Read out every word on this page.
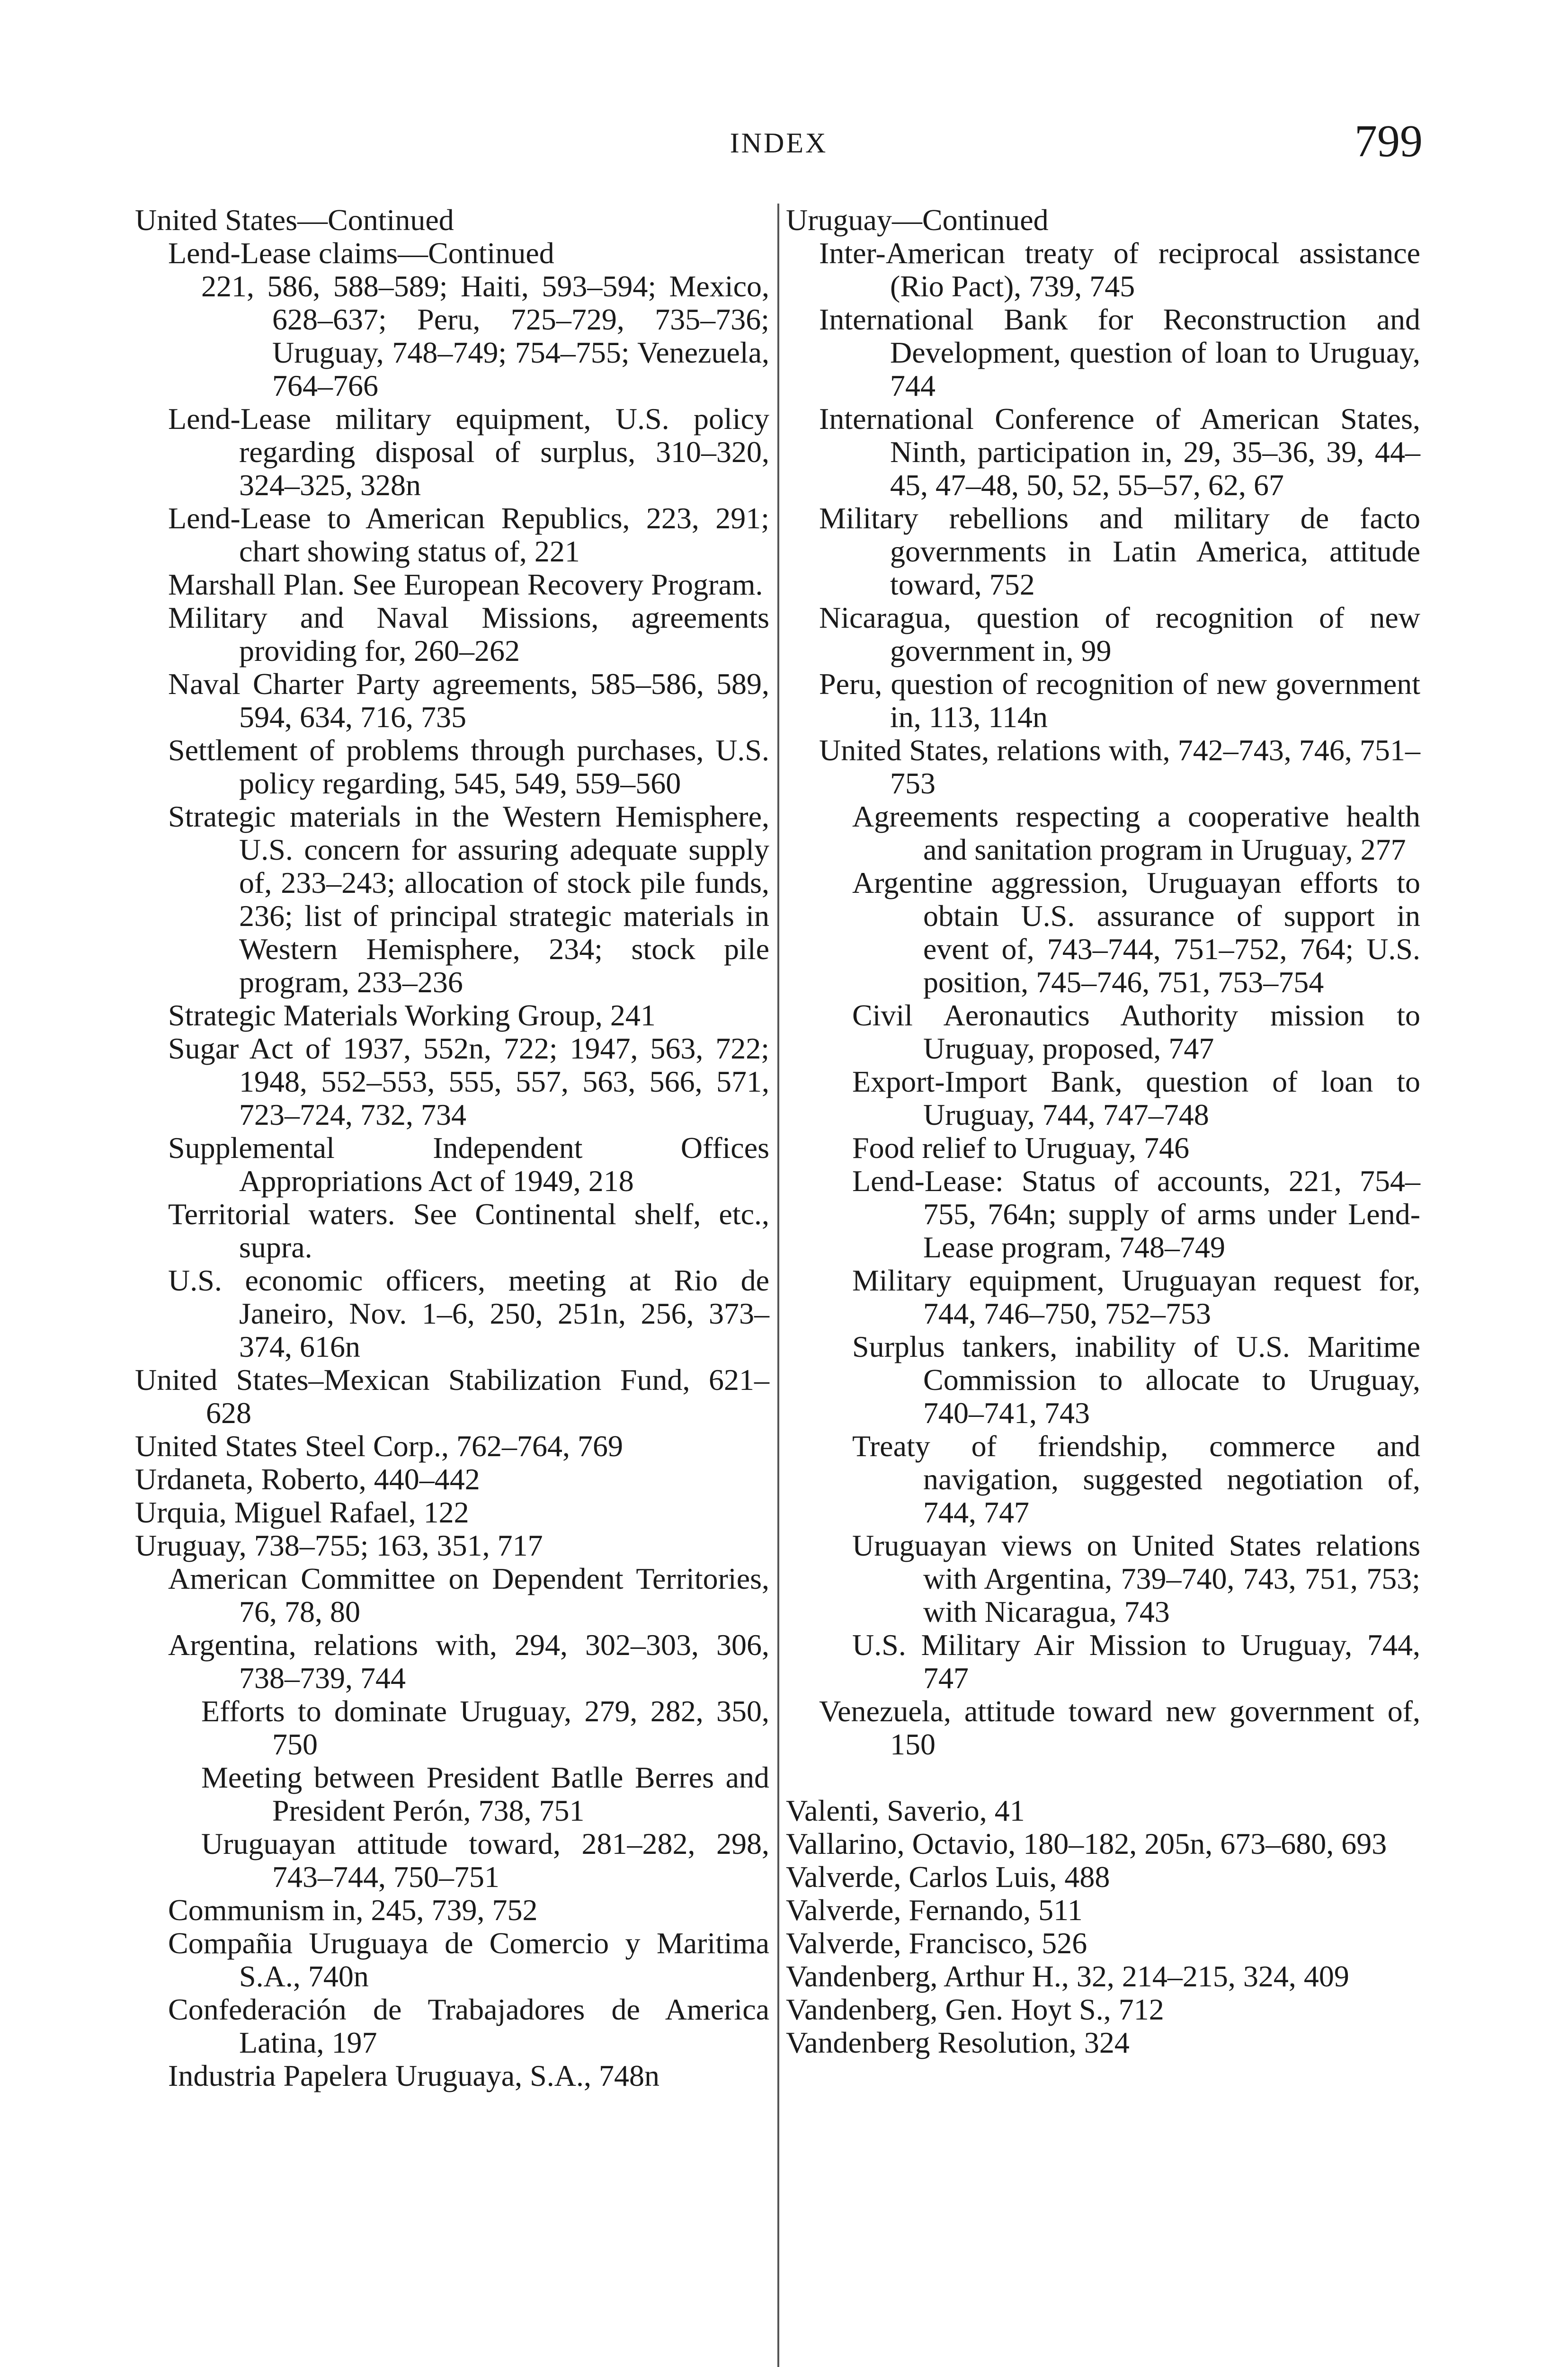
INDEX	799
United States—Continued
Lend-Lease claims—Continued
221, 586, 588–589; Haiti, 593–594; Mexico, 628–637; Peru, 725–729, 735–736; Uruguay, 748–749; 754–755; Venezuela, 764–766
Lend-Lease military equipment, U.S. policy regarding disposal of surplus, 310–320, 324–325, 328n
Lend-Lease to American Republics, 223, 291; chart showing status of, 221
Marshall Plan. See European Recovery Program.
Military and Naval Missions, agreements providing for, 260–262
Naval Charter Party agreements, 585–586, 589, 594, 634, 716, 735
Settlement of problems through purchases, U.S. policy regarding, 545, 549, 559–560
Strategic materials in the Western Hemisphere, U.S. concern for assuring adequate supply of, 233–243; allocation of stock pile funds, 236; list of principal strategic materials in Western Hemisphere, 234; stock pile program, 233–236
Strategic Materials Working Group, 241
Sugar Act of 1937, 552n, 722; 1947, 563, 722; 1948, 552–553, 555, 557, 563, 566, 571, 723–724, 732, 734
Supplemental Independent Offices Appropriations Act of 1949, 218
Territorial waters. See Continental shelf, etc., supra.
U.S. economic officers, meeting at Rio de Janeiro, Nov. 1–6, 250, 251n, 256, 373–374, 616n
United States–Mexican Stabilization Fund, 621–628
United States Steel Corp., 762–764, 769
Urdaneta, Roberto, 440–442
Urquia, Miguel Rafael, 122
Uruguay, 738–755; 163, 351, 717
American Committee on Dependent Territories, 76, 78, 80
Argentina, relations with, 294, 302–303, 306, 738–739, 744
Efforts to dominate Uruguay, 279, 282, 350, 750
Meeting between President Batlle Berres and President Perón, 738, 751
Uruguayan attitude toward, 281–282, 298, 743–744, 750–751
Communism in, 245, 739, 752
Compañia Uruguaya de Comercio y Maritima S.A., 740n
Confederación de Trabajadores de America Latina, 197
Industria Papelera Uruguaya, S.A., 748n
Uruguay—Continued
Inter-American treaty of reciprocal assistance (Rio Pact), 739, 745
International Bank for Reconstruction and Development, question of loan to Uruguay, 744
International Conference of American States, Ninth, participation in, 29, 35–36, 39, 44–45, 47–48, 50, 52, 55–57, 62, 67
Military rebellions and military de facto governments in Latin America, attitude toward, 752
Nicaragua, question of recognition of new government in, 99
Peru, question of recognition of new government in, 113, 114n
United States, relations with, 742–743, 746, 751–753
Agreements respecting a cooperative health and sanitation program in Uruguay, 277
Argentine aggression, Uruguayan efforts to obtain U.S. assurance of support in event of, 743–744, 751–752, 764; U.S. position, 745–746, 751, 753–754
Civil Aeronautics Authority mission to Uruguay, proposed, 747
Export-Import Bank, question of loan to Uruguay, 744, 747–748
Food relief to Uruguay, 746
Lend-Lease: Status of accounts, 221, 754–755, 764n; supply of arms under Lend-Lease program, 748–749
Military equipment, Uruguayan request for, 744, 746–750, 752–753
Surplus tankers, inability of U.S. Maritime Commission to allocate to Uruguay, 740–741, 743
Treaty of friendship, commerce and navigation, suggested negotiation of, 744, 747
Uruguayan views on United States relations with Argentina, 739–740, 743, 751, 753; with Nicaragua, 743
U.S. Military Air Mission to Uruguay, 744, 747
Venezuela, attitude toward new government of, 150
Valenti, Saverio, 41
Vallarino, Octavio, 180–182, 205n, 673–680, 693
Valverde, Carlos Luis, 488
Valverde, Fernando, 511
Valverde, Francisco, 526
Vandenberg, Arthur H., 32, 214–215, 324, 409
Vandenberg, Gen. Hoyt S., 712
Vandenberg Resolution, 324
